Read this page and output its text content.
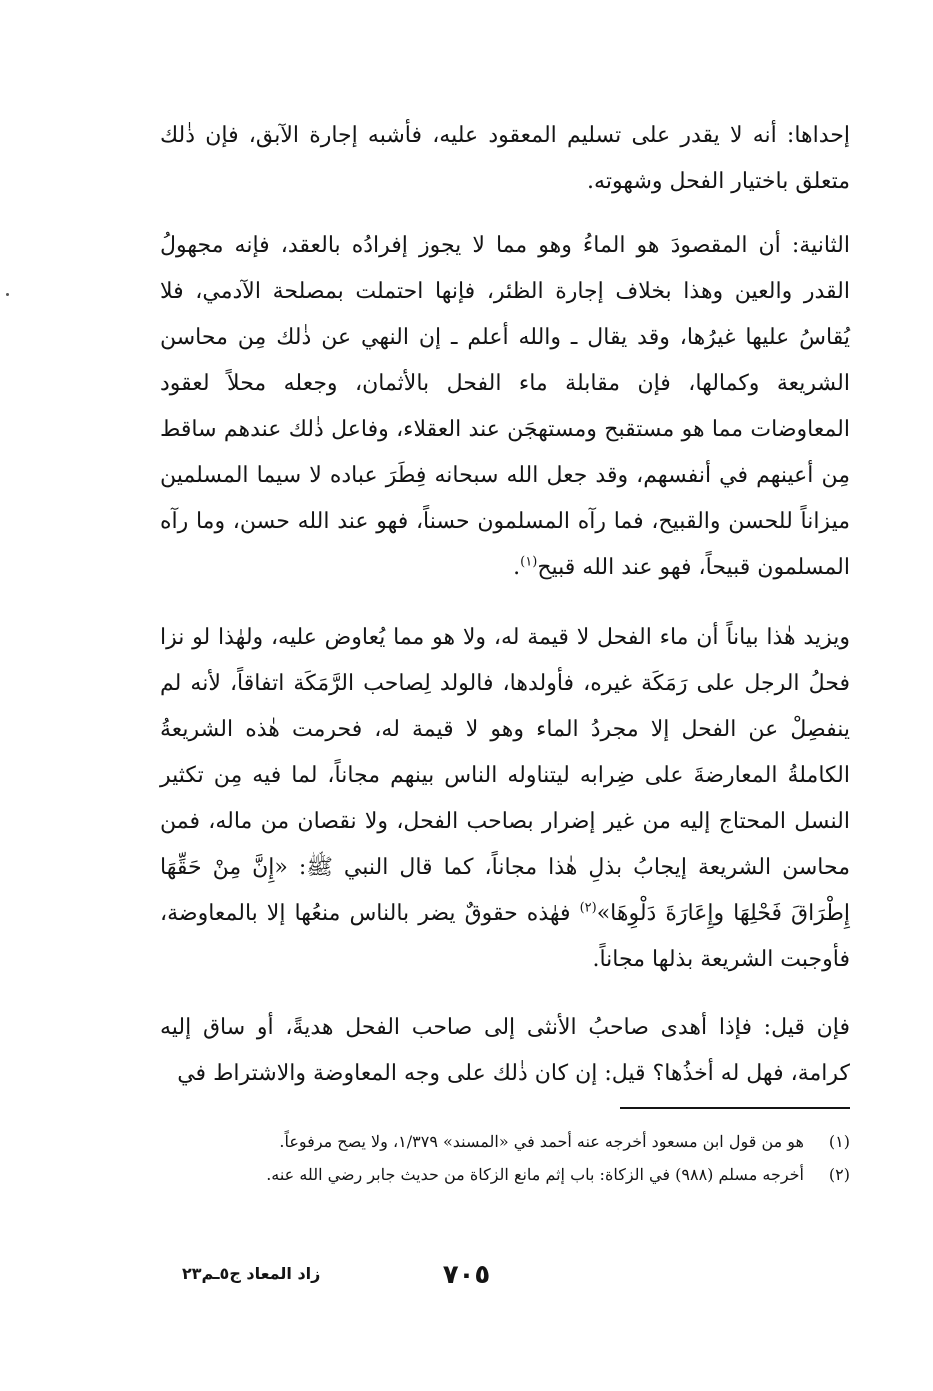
إحداها: أنه لا يقدر على تسليم المعقود عليه، فأشبه إجارة الآبق، فإن ذٰلك متعلق باختيار الفحل وشهوته.

الثانية: أن المقصودَ هو الماءُ وهو مما لا يجوز إفرادُه بالعقد، فإنه مجهولُ القدر والعين وهذا بخلاف إجارة الظئر، فإنها احتملت بمصلحة الآدمي، فلا يُقاسُ عليها غيرُها، وقد يقال ـ والله أعلم ـ إن النهي عن ذٰلك مِن محاسن الشريعة وكمالها، فإن مقابلة ماء الفحل بالأثمان، وجعله محلاً لعقود المعاوضات مما هو مستقبح ومستهجَن عند العقلاء، وفاعل ذٰلك عندهم ساقط مِن أعينهم في أنفسهم، وقد جعل الله سبحانه فِطَرَ عباده لا سيما المسلمين ميزاناً للحسن والقبيح، فما رآه المسلمون حسناً، فهو عند الله حسن، وما رآه المسلمون قبيحاً، فهو عند الله قبيح$^{(١)}$.

ويزيد هٰذا بياناً أن ماء الفحل لا قيمة له، ولا هو مما يُعاوض عليه، ولهٰذا لو نزا فحلُ الرجل على رَمَكَة غيره، فأولدها، فالولد لِصاحب الرَّمَكَة اتفاقاً، لأنه لم ينفصِلْ عن الفحل إلا مجردُ الماء وهو لا قيمة له، فحرمت هٰذه الشريعةُ الكاملةُ المعارضةَ على ضِرابه ليتناوله الناس بينهم مجاناً، لما فيه مِن تكثير النسل المحتاج إليه من غير إضرار بصاحب الفحل، ولا نقصان من ماله، فمن محاسن الشريعة إيجابُ بذلِ هٰذا مجاناً، كما قال النبي ﷺ: «إِنَّ مِنْ حَقِّهَا إِطْرَاقَ فَحْلِهَا وإِعَارَةَ دَلْوِهَا»$^{(٢)}$ فهٰذه حقوقٌ يضر بالناس منعُها إلا بالمعاوضة، فأوجبت الشريعة بذلها مجاناً.

فإن قيل: فإذا أهدى صاحبُ الأنثى إلى صاحب الفحل هديةً، أو ساق إليه كرامة، فهل له أخذُها؟ قيل: إن كان ذٰلك على وجه المعاوضة والاشتراط في

(١)
هو من قول ابن مسعود أخرجه عنه أحمد في «المسند» ١/٣٧٩، ولا يصح مرفوعاً.
(٢)
أخرجه مسلم (٩٨٨) في الزكاة: باب إثم مانع الزكاة من حديث جابر رضي الله عنه.
٧٠٥
زاد المعاد ج٥ـم٢٣
